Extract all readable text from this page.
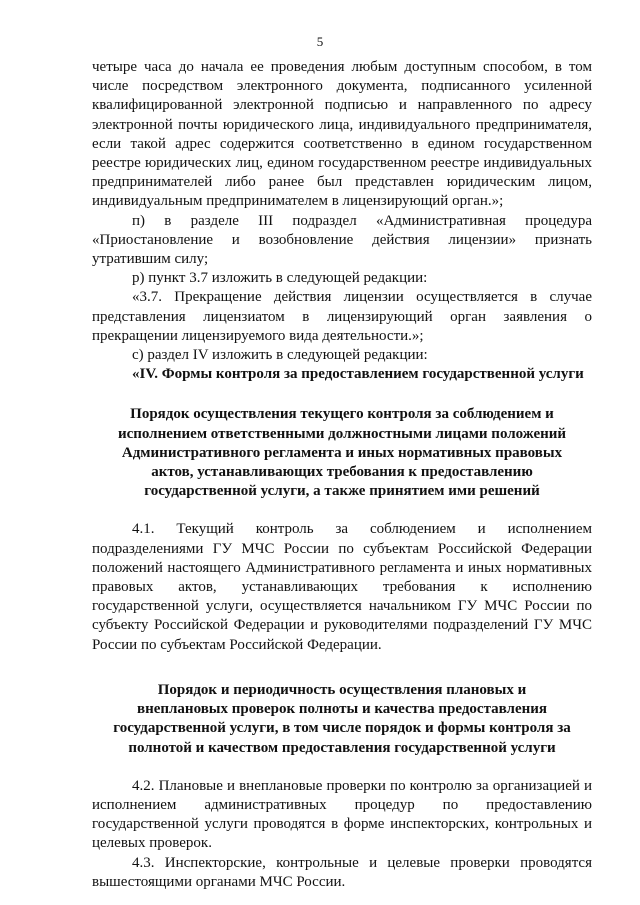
5

четыре часа до начала ее проведения любым доступным способом, в том числе посредством электронного документа, подписанного усиленной квалифицированной электронной подписью и направленного по адресу электронной почты юридического лица, индивидуального предпринимателя, если такой адрес содержится соответственно в едином государственном реестре юридических лиц, едином государственном реестре индивидуальных предпринимателей либо ранее был представлен юридическим лицом, индивидуальным предпринимателем в лицензирующий орган.»;

п) в разделе III подраздел «Административная процедура «Приостановление и возобновление действия лицензии» признать утратившим силу;

р) пункт 3.7 изложить в следующей редакции:

«3.7. Прекращение действия лицензии осуществляется в случае представления лицензиатом в лицензирующий орган заявления о прекращении лицензируемого вида деятельности.»;

с) раздел IV изложить в следующей редакции:

«IV. Формы контроля за предоставлением государственной услуги

Порядок осуществления текущего контроля за соблюдением и исполнением ответственными должностными лицами положений Административного регламента и иных нормативных правовых актов, устанавливающих требования к предоставлению государственной услуги, а также принятием ими решений

4.1. Текущий контроль за соблюдением и исполнением подразделениями ГУ МЧС России по субъектам Российской Федерации положений настоящего Административного регламента и иных нормативных правовых актов, устанавливающих требования к исполнению государственной услуги, осуществляется начальником ГУ МЧС России по субъекту Российской Федерации и руководителями подразделений ГУ МЧС России по субъектам Российской Федерации.

Порядок и периодичность осуществления плановых и внеплановых проверок полноты и качества предоставления государственной услуги, в том числе порядок и формы контроля за полнотой и качеством предоставления государственной услуги

4.2. Плановые и внеплановые проверки по контролю за организацией и исполнением административных процедур по предоставлению государственной услуги проводятся в форме инспекторских, контрольных и целевых проверок.

4.3. Инспекторские, контрольные и целевые проверки проводятся вышестоящими органами МЧС России.
